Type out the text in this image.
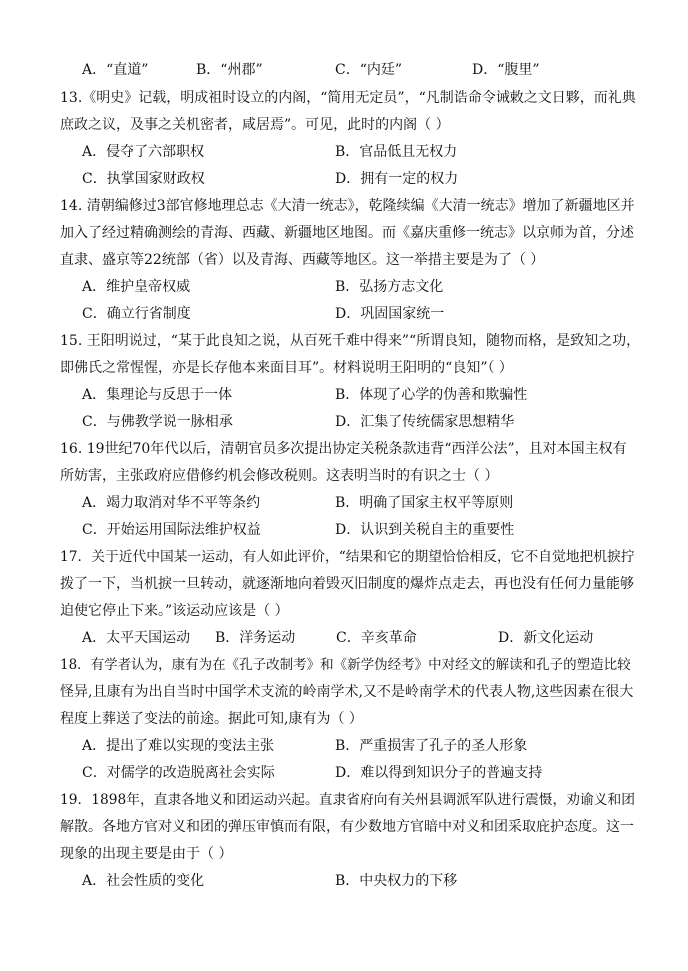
A．“直道”	B．“州郡”	C．“内廷”	D．“腹里”
13.《明史》记载，明成祖时设立的内阁，“简用无定员”，“凡制诰命令诫敕之文日夥，而礼典
庶政之议，及事之关机密者，咸居焉”。可见，此时的内阁（ ）
A．侵夺了六部职权	B．官品低且无权力
C．执掌国家财政权	D．拥有一定的权力
14. 清朝编修过3部官修地理总志《大清一统志》，乾隆续编《大清一统志》增加了新疆地区并
加入了经过精确测绘的青海、西藏、新疆地区地图。而《嘉庆重修一统志》以京师为首，分述
直隶、盛京等22统部（省）以及青海、西藏等地区。这一举措主要是为了（ ）
A．维护皇帝权威	B．弘扬方志文化
C．确立行省制度	D．巩固国家统一
15. 王阳明说过，“某于此良知之说，从百死千难中得来”“所谓良知，随物而格，是致知之功，
即佛氏之常惺惺，亦是长存他本来面目耳”。材料说明王阳明的“良知”（ ）
A．集理论与反思于一体	B．体现了心学的伪善和欺骗性
C．与佛教学说一脉相承	D．汇集了传统儒家思想精华
16. 19世纪70年代以后，清朝官员多次提出协定关税条款违背“西洋公法”，且对本国主权有
所妨害，主张政府应借修约机会修改税则。这表明当时的有识之士（ ）
A．竭力取消对华不平等条约	B．明确了国家主权平等原则
C．开始运用国际法维护权益	D．认识到关税自主的重要性
17．关于近代中国某一运动，有人如此评价，“结果和它的期望恰恰相反，它不自觉地把机捩拧
拨了一下，当机捩一旦转动，就逐渐地向着毁灭旧制度的爆炸点走去，再也没有任何力量能够
迫使它停止下来。”该运动应该是（ ）
A．太平天国运动 B．洋务运动	C．辛亥革命	D．新文化运动
18．有学者认为，康有为在《孔子改制考》和《新学伪经考》中对经文的解读和孔子的塑造比较
怪异,且康有为出自当时中国学术支流的岭南学术,又不是岭南学术的代表人物,这些因素在很大
程度上葬送了变法的前途。据此可知,康有为（ ）
A．提出了难以实现的变法主张	B．严重损害了孔子的圣人形象
C．对儒学的改造脱离社会实际	D．难以得到知识分子的普遍支持
19．1898年，直隶各地义和团运动兴起。直隶省府向有关州县调派军队进行震慑，劝谕义和团
解散。各地方官对义和团的弹压审慎而有限，有少数地方官暗中对义和团采取庇护态度。这一
现象的出现主要是由于（ ）
A．社会性质的变化	B．中央权力的下移
